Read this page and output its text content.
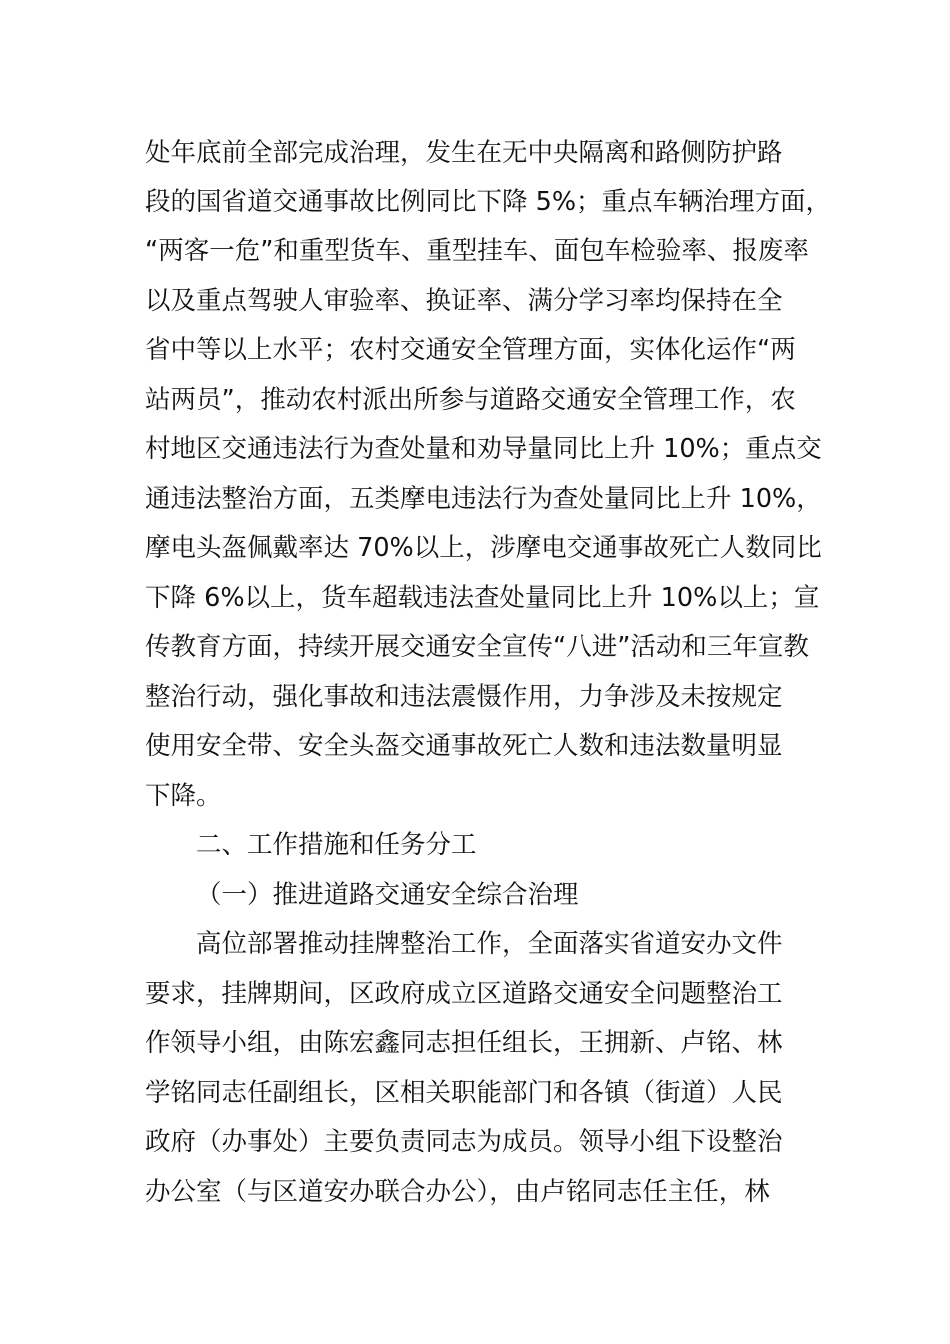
处年底前全部完成治理，发生在无中央隔离和路侧防护路
段的国省道交通事故比例同比下降 5%；重点车辆治理方面，
“两客一危”和重型货车、重型挂车、面包车检验率、报废率
以及重点驾驶人审验率、换证率、满分学习率均保持在全
省中等以上水平；农村交通安全管理方面，实体化运作“两
站两员”，推动农村派出所参与道路交通安全管理工作，农
村地区交通违法行为查处量和劝导量同比上升 10%；重点交
通违法整治方面，五类摩电违法行为查处量同比上升 10%，
摩电头盔佩戴率达 70%以上，涉摩电交通事故死亡人数同比
下降 6%以上，货车超载违法查处量同比上升 10%以上；宣
传教育方面，持续开展交通安全宣传“八进”活动和三年宣教
整治行动，强化事故和违法震慑作用，力争涉及未按规定
使用安全带、安全头盔交通事故死亡人数和违法数量明显
下降。
二、工作措施和任务分工
（一）推进道路交通安全综合治理
高位部署推动挂牌整治工作，全面落实省道安办文件
要求，挂牌期间，区政府成立区道路交通安全问题整治工
作领导小组，由陈宏鑫同志担任组长，王拥新、卢铭、林
学铭同志任副组长，区相关职能部门和各镇（街道）人民
政府（办事处）主要负责同志为成员。领导小组下设整治
办公室（与区道安办联合办公），由卢铭同志任主任，林
